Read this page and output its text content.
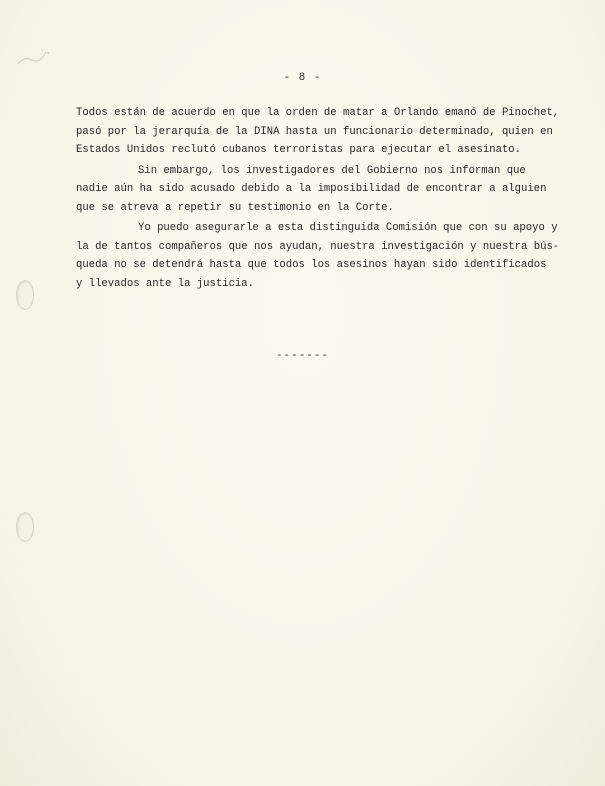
- 8 -
Todos están de acuerdo en que la orden de matar a Orlando emanó de Pinochet,
pasó por la jerarquía de la DINA hasta un funcionario determinado, quien en
Estados Unidos reclutó cubanos terroristas para ejecutar el asesinato.
Sin embargo, los investigadores del Gobierno nos informan que
nadie aún ha sido acusado debido a la imposibilidad de encontrar a alguien
que se atreva a repetir su testimonio en la Corte.
Yo puedo asegurarle a esta distinguida Comisión que con su apoyo y
la de tantos compañeros que nos ayudan, nuestra investigación y nuestra bús-
queda no se detendrá hasta que todos los asesinos hayan sido identificados
y llevados ante la justicia.
-------
